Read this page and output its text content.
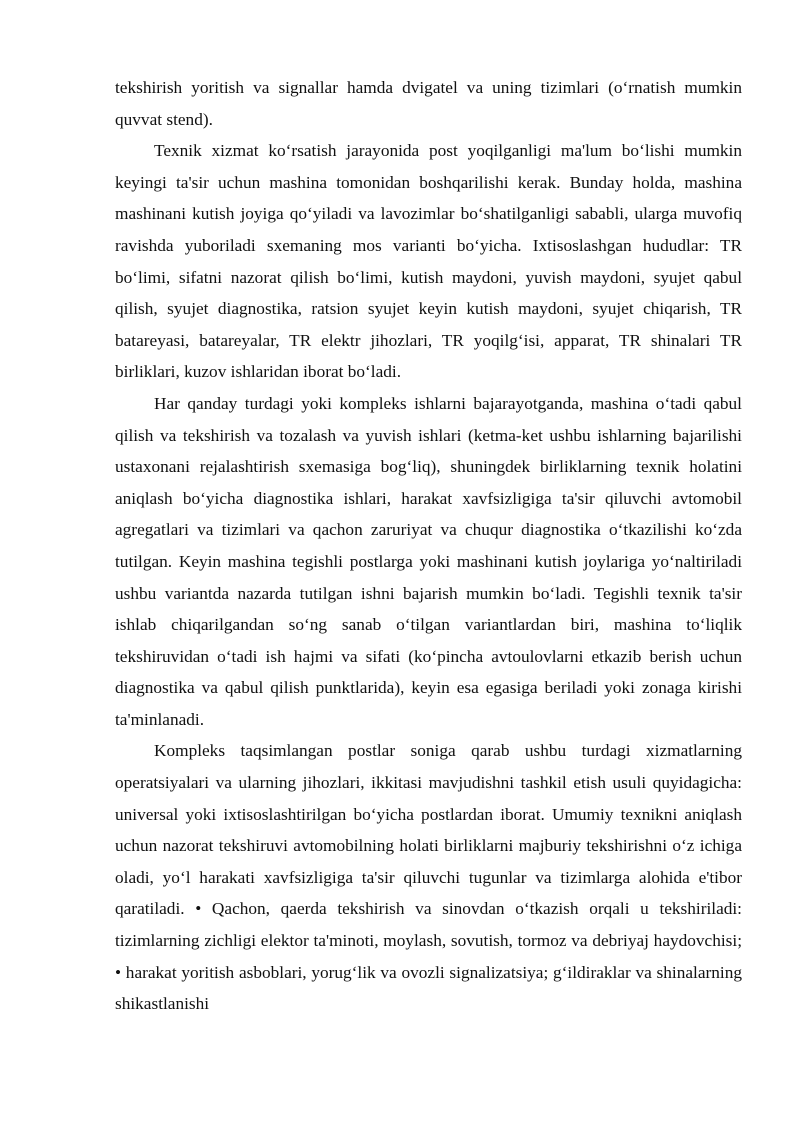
tekshirish yoritish va signallar hamda dvigatel va uning tizimlari (o‘rnatish mumkin quvvat stend).

Texnik xizmat ko‘rsatish jarayonida post yoqilganligi ma'lum bo‘lishi mumkin keyingi ta'sir uchun mashina tomonidan boshqarilishi kerak. Bunday holda, mashina mashinani kutish joyiga qo‘yiladi va lavozimlar bo‘shatilganligi sababli, ularga muvofiq ravishda yuboriladi sxemaning mos varianti bo‘yicha. Ixtisoslashgan hududlar: TR bo‘limi, sifatni nazorat qilish bo‘limi, kutish maydoni, yuvish maydoni, syujet qabul qilish, syujet diagnostika, ratsion syujet keyin kutish maydoni, syujet chiqarish, TR batareyasi, batareyalar, TR elektr jihozlari, TR yoqilg‘isi, apparat, TR shinalari TR birliklari, kuzov ishlaridan iborat bo‘ladi.

Har qanday turdagi yoki kompleks ishlarni bajarayotganda, mashina o‘tadi qabul qilish va tekshirish va tozalash va yuvish ishlari (ketma-ket ushbu ishlarning bajarilishi ustaxonani rejalashtirish sxemasiga bog‘liq), shuningdek birliklarning texnik holatini aniqlash bo‘yicha diagnostika ishlari, harakat xavfsizligiga ta'sir qiluvchi avtomobil agregatlari va tizimlari va qachon zaruriyat va chuqur diagnostika o‘tkazilishi ko‘zda tutilgan. Keyin mashina tegishli postlarga yoki mashinani kutish joylariga yo‘naltiriladi ushbu variantda nazarda tutilgan ishni bajarish mumkin bo‘ladi. Tegishli texnik ta'sir ishlab chiqarilgandan so‘ng sanab o‘tilgan variantlardan biri, mashina to‘liqlik tekshiruvidan o‘tadi ish hajmi va sifati (ko‘pincha avtoulovlarni etkazib berish uchun diagnostika va qabul qilish punktlarida), keyin esa egasiga beriladi yoki zonaga kirishi ta'minlanadi.

Kompleks taqsimlangan postlar soniga qarab ushbu turdagi xizmatlarning operatsiyalari va ularning jihozlari, ikkitasi mavjudishni tashkil etish usuli quyidagicha: universal yoki ixtisoslashtirilgan bo‘yicha postlardan iborat. Umumiy texnikni aniqlash uchun nazorat tekshiruvi avtomobilning holati birliklarni majburiy tekshirishni o‘z ichiga oladi, yo‘l harakati xavfsizligiga ta'sir qiluvchi tugunlar va tizimlarga alohida e'tibor qaratiladi. • Qachon, qaerda tekshirish va sinovdan o‘tkazish orqali u tekshiriladi: tizimlarning zichligi elektor ta'minoti, moylash, sovutish, tormoz va debriyaj haydovchisi; • harakat yoritish asboblari, yorug‘lik va ovozli signalizatsiya; g‘ildiraklar va shinalarning shikastlanishi
